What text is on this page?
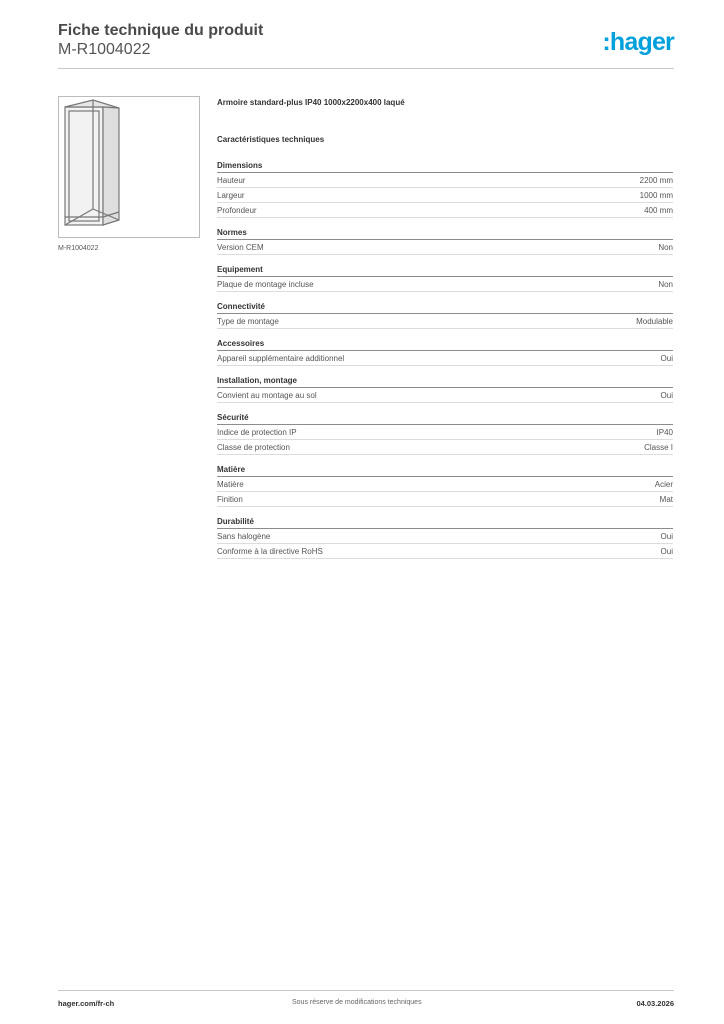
Fiche technique du produit
M-R1004022	:hager
M-R1004022
Armoire standard-plus IP40 1000x2200x400 laqué
Caractéristiques techniques
Dimensions
Hauteur	2200 mm
Largeur	1000 mm
Profondeur	400 mm
Normes
Version CEM	Non
Equipement
Plaque de montage incluse	Non
Connectivité
Type de montage	Modulable
Accessoires
Appareil supplémentaire additionnel	Oui
Installation, montage
Convient au montage au sol	Oui
Sécurité
Indice de protection IP	IP40
Classe de protection	Classe I
Matière
Matière	Acier
Finition	Mat
Durabilité
Sans halogène	Oui
Conforme à la directive RoHS	Oui
hager.com/fr-ch	Sous réserve de modifications techniques	04.03.2026
